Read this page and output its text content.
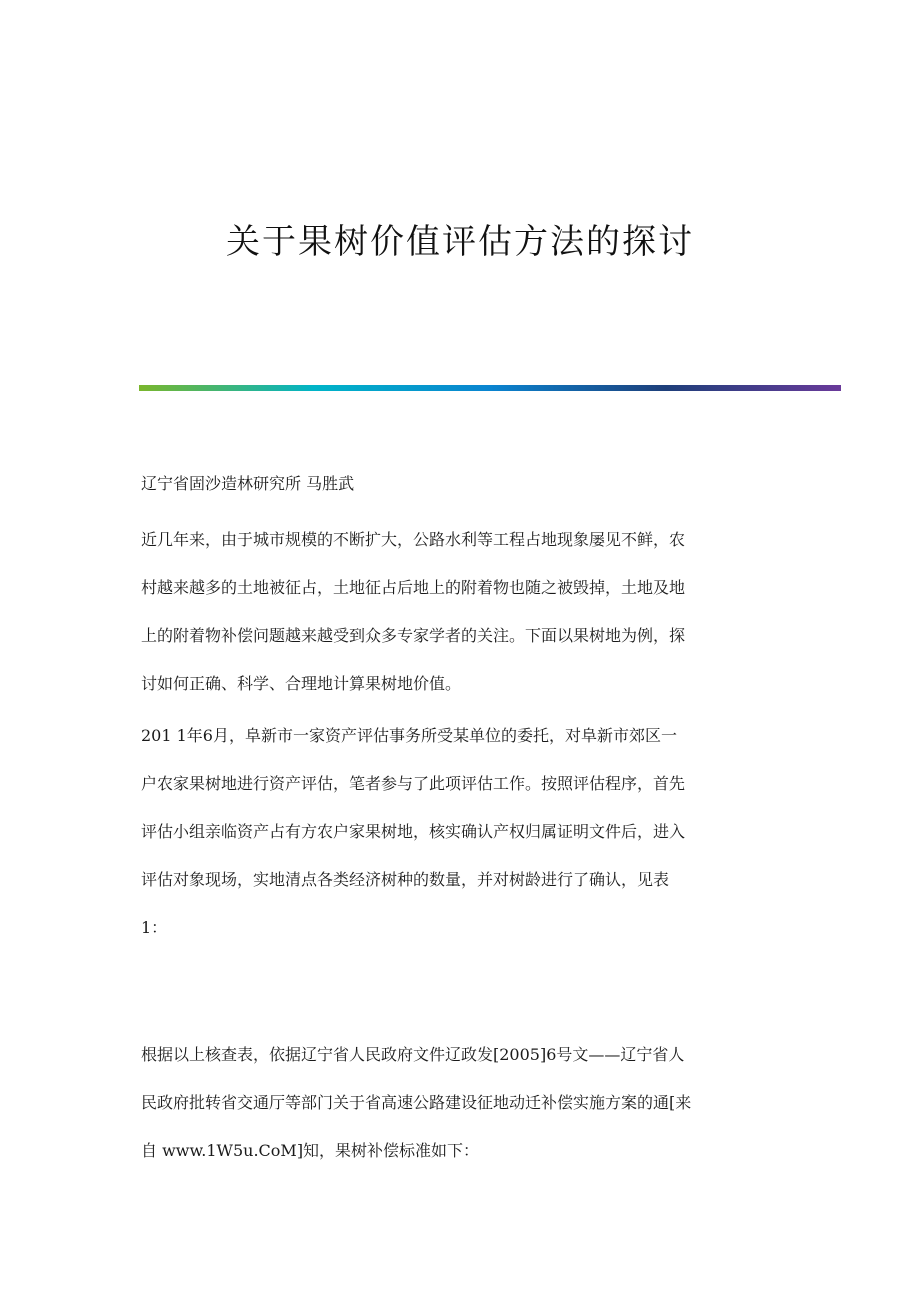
关于果树价值评估方法的探讨
辽宁省固沙造林研究所 马胜武
近几年来，由于城市规模的不断扩大，公路水利等工程占地现象屡见不鲜，农
村越来越多的土地被征占，土地征占后地上的附着物也随之被毁掉，土地及地
上的附着物补偿问题越来越受到众多专家学者的关注。下面以果树地为例，探
讨如何正确、科学、合理地计算果树地价值。
201 1年6月，阜新市一家资产评估事务所受某单位的委托，对阜新市郊区一
户农家果树地进行资产评估，笔者参与了此项评估工作。按照评估程序，首先
评估小组亲临资产占有方农户家果树地，核实确认产权归属证明文件后，进入
评估对象现场，实地清点各类经济树种的数量，并对树龄进行了确认，见表
1：
根据以上核查表，依据辽宁省人民政府文件辽政发[2005]6号文——辽宁省人
民政府批转省交通厅等部门关于省高速公路建设征地动迁补偿实施方案的通[来
自 www.1W5u.CoM]知，果树补偿标准如下：
